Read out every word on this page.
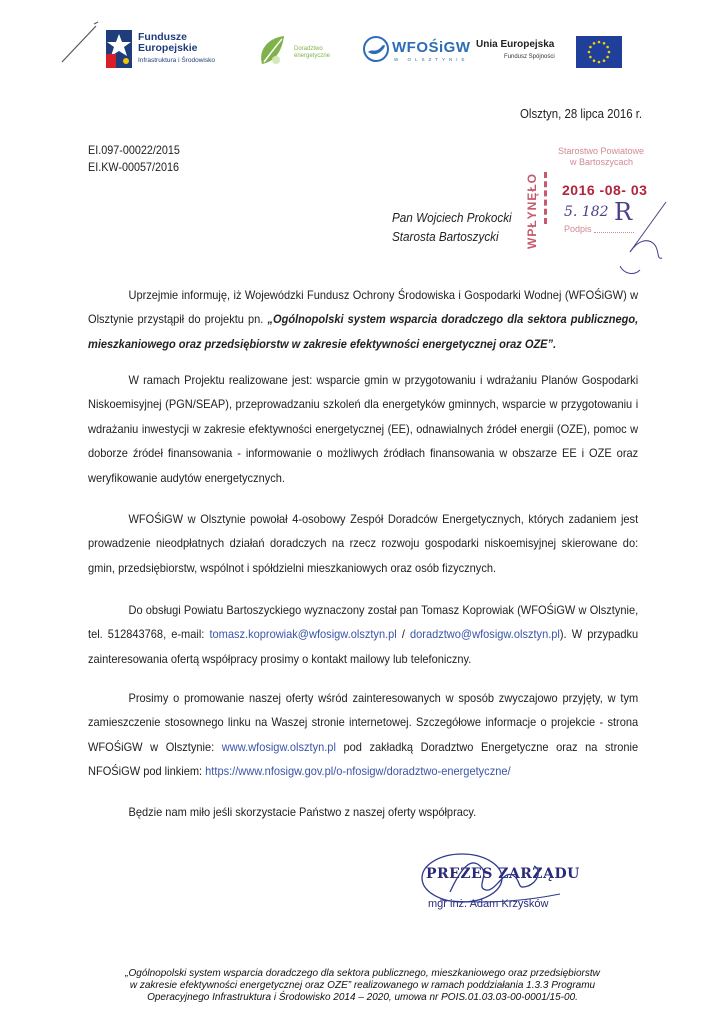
Fundusze
Europejskie
Infrastruktura i Środowisko
Doradztwo
energetyczne	WFOŚiGW
W OLSZTYNIE
Unia Europejska
Fundusz Spójności
Olsztyn, 28 lipca 2016 r.
EI.097-00022/2015
EI.KW-00057/2016
Pan Wojciech Prokocki
Starosta Bartoszycki
Starostwo Powiatowe
w Bartoszycach
WPŁYNĘŁO 2016 -08- 03
5. 182 R
Podpis
Uprzejmie informuję, iż Wojewódzki Fundusz Ochrony Środowiska i Gospodarki Wodnej (WFOŚiGW) w Olsztynie przystąpił do projektu pn. „Ogólnopolski system wsparcia doradczego dla sektora publicznego, mieszkaniowego oraz przedsiębiorstw w zakresie efektywności energetycznej oraz OZE”.
W ramach Projektu realizowane jest: wsparcie gmin w przygotowaniu i wdrażaniu Planów Gospodarki Niskoemisyjnej (PGN/SEAP), przeprowadzaniu szkoleń dla energetyków gminnych, wsparcie w przygotowaniu i wdrażaniu inwestycji w zakresie efektywności energetycznej (EE), odnawialnych źródeł energii (OZE), pomoc w doborze źródeł finansowania - informowanie o możliwych źródłach finansowania w obszarze EE i OZE oraz weryfikowanie audytów energetycznych.
WFOŚiGW w Olsztynie powołał 4-osobowy Zespół Doradców Energetycznych, których zadaniem jest prowadzenie nieodpłatnych działań doradczych na rzecz rozwoju gospodarki niskoemisyjnej skierowane do: gmin, przedsiębiorstw, wspólnot i spółdzielni mieszkaniowych oraz osób fizycznych.
Do obsługi Powiatu Bartoszyckiego wyznaczony został pan Tomasz Koprowiak (WFOŚiGW w Olsztynie, tel. 512843768, e-mail: tomasz.koprowiak@wfosigw.olsztyn.pl / doradztwo@wfosigw.olsztyn.pl). W przypadku zainteresowania ofertą współpracy prosimy o kontakt mailowy lub telefoniczny.
Prosimy o promowanie naszej oferty wśród zainteresowanych w sposób zwyczajowo przyjęty, w tym zamieszczenie stosownego linku na Waszej stronie internetowej. Szczegółowe informacje o projekcie - strona WFOŚiGW w Olsztynie: www.wfosigw.olsztyn.pl pod zakładką Doradztwo Energetyczne oraz na stronie NFOŚiGW pod linkiem: https://www.nfosigw.gov.pl/o-nfosigw/doradztwo-energetyczne/
Będzie nam miło jeśli skorzystacie Państwo z naszej oferty współpracy.
PREZES ZARZĄDU
mgr inż. Adam Krzyśków
„Ogólnopolski system wsparcia doradczego dla sektora publicznego, mieszkaniowego oraz przedsiębiorstw
w zakresie efektywności energetycznej oraz OZE” realizowanego w ramach poddziałania 1.3.3 Programu
Operacyjnego Infrastruktura i Środowisko 2014 – 2020, umowa nr POIS.01.03.03-00-0001/15-00.
